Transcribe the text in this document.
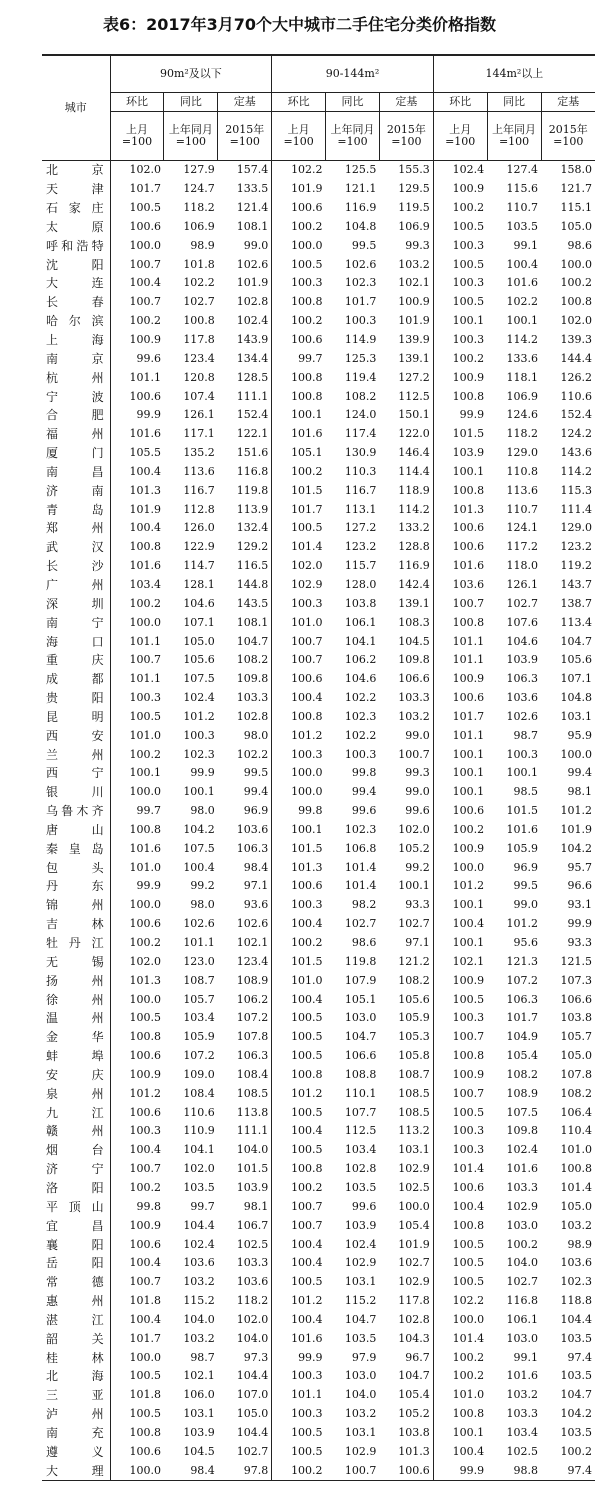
表6：2017年3月70个大中城市二手住宅分类价格指数
城市	90m²及以下			90-144m²			144m²以上		
	环比	同比	定基	环比	同比	定基	环比	同比	定基
	上月
=100	上年同月
=100	2015年
=100	上月
=100	上年同月
=100	2015年
=100	上月
=100	上年同月
=100	2015年
=100
北京	102.0	127.9	157.4	102.2	125.5	155.3	102.4	127.4	158.0
天津	101.7	124.7	133.5	101.9	121.1	129.5	100.9	115.6	121.7
石家庄	100.5	118.2	121.4	100.6	116.9	119.5	100.2	110.7	115.1
太原	100.6	106.9	108.1	100.2	104.8	106.9	100.5	103.5	105.0
呼和浩特	100.0	98.9	99.0	100.0	99.5	99.3	100.3	99.1	98.6
沈阳	100.7	101.8	102.6	100.5	102.6	103.2	100.5	100.4	100.0
大连	100.4	102.2	101.9	100.3	102.3	102.1	100.3	101.6	100.2
长春	100.7	102.7	102.8	100.8	101.7	100.9	100.5	102.2	100.8
哈尔滨	100.2	100.8	102.4	100.2	100.3	101.9	100.1	100.1	102.0
上海	100.9	117.8	143.9	100.6	114.9	139.9	100.3	114.2	139.3
南京	99.6	123.4	134.4	99.7	125.3	139.1	100.2	133.6	144.4
杭州	101.1	120.8	128.5	100.8	119.4	127.2	100.9	118.1	126.2
宁波	100.6	107.4	111.1	100.8	108.2	112.5	100.8	106.9	110.6
合肥	99.9	126.1	152.4	100.1	124.0	150.1	99.9	124.6	152.4
福州	101.6	117.1	122.1	101.6	117.4	122.0	101.5	118.2	124.2
厦门	105.5	135.2	151.6	105.1	130.9	146.4	103.9	129.0	143.6
南昌	100.4	113.6	116.8	100.2	110.3	114.4	100.1	110.8	114.2
济南	101.3	116.7	119.8	101.5	116.7	118.9	100.8	113.6	115.3
青岛	101.9	112.8	113.9	101.7	113.1	114.2	101.3	110.7	111.4
郑州	100.4	126.0	132.4	100.5	127.2	133.2	100.6	124.1	129.0
武汉	100.8	122.9	129.2	101.4	123.2	128.8	100.6	117.2	123.2
长沙	101.6	114.7	116.5	102.0	115.7	116.9	101.6	118.0	119.2
广州	103.4	128.1	144.8	102.9	128.0	142.4	103.6	126.1	143.7
深圳	100.2	104.6	143.5	100.3	103.8	139.1	100.7	102.7	138.7
南宁	100.0	107.1	108.1	101.0	106.1	108.3	100.8	107.6	113.4
海口	101.1	105.0	104.7	100.7	104.1	104.5	101.1	104.6	104.7
重庆	100.7	105.6	108.2	100.7	106.2	109.8	101.1	103.9	105.6
成都	101.1	107.5	109.8	100.6	104.6	106.6	100.9	106.3	107.1
贵阳	100.3	102.4	103.3	100.4	102.2	103.3	100.6	103.6	104.8
昆明	100.5	101.2	102.8	100.8	102.3	103.2	101.7	102.6	103.1
西安	101.0	100.3	98.0	101.2	102.2	99.0	101.1	98.7	95.9
兰州	100.2	102.3	102.2	100.3	100.3	100.7	100.1	100.3	100.0
西宁	100.1	99.9	99.5	100.0	99.8	99.3	100.1	100.1	99.4
银川	100.0	100.1	99.4	100.0	99.4	99.0	100.1	98.5	98.1
乌鲁木齐	99.7	98.0	96.9	99.8	99.6	99.6	100.6	101.5	101.2
唐山	100.8	104.2	103.6	100.1	102.3	102.0	100.2	101.6	101.9
秦皇岛	101.6	107.5	106.3	101.5	106.8	105.2	100.9	105.9	104.2
包头	101.0	100.4	98.4	101.3	101.4	99.2	100.0	96.9	95.7
丹东	99.9	99.2	97.1	100.6	101.4	100.1	101.2	99.5	96.6
锦州	100.0	98.0	93.6	100.3	98.2	93.3	100.1	99.0	93.1
吉林	100.6	102.6	102.6	100.4	102.7	102.7	100.4	101.2	99.9
牡丹江	100.2	101.1	102.1	100.2	98.6	97.1	100.1	95.6	93.3
无锡	102.0	123.0	123.4	101.5	119.8	121.2	102.1	121.3	121.5
扬州	101.3	108.7	108.9	101.0	107.9	108.2	100.9	107.2	107.3
徐州	100.0	105.7	106.2	100.4	105.1	105.6	100.5	106.3	106.6
温州	100.5	103.4	107.2	100.5	103.0	105.9	100.3	101.7	103.8
金华	100.8	105.9	107.8	100.5	104.7	105.3	100.7	104.9	105.7
蚌埠	100.6	107.2	106.3	100.5	106.6	105.8	100.8	105.4	105.0
安庆	100.9	109.0	108.4	100.8	108.8	108.7	100.9	108.2	107.8
泉州	101.2	108.4	108.5	101.2	110.1	108.5	100.7	108.9	108.2
九江	100.6	110.6	113.8	100.5	107.7	108.5	100.5	107.5	106.4
赣州	100.3	110.9	111.1	100.4	112.5	113.2	100.3	109.8	110.4
烟台	100.4	104.1	104.0	100.5	103.4	103.1	100.3	102.4	101.0
济宁	100.7	102.0	101.5	100.8	102.8	102.9	101.4	101.6	100.8
洛阳	100.2	103.5	103.9	100.2	103.5	102.5	100.6	103.3	101.4
平顶山	99.8	99.7	98.1	100.7	99.6	100.0	100.4	102.9	105.0
宜昌	100.9	104.4	106.7	100.7	103.9	105.4	100.8	103.0	103.2
襄阳	100.6	102.4	102.5	100.4	102.4	101.9	100.5	100.2	98.9
岳阳	100.4	103.6	103.3	100.4	102.9	102.7	100.5	104.0	103.6
常德	100.7	103.2	103.6	100.5	103.1	102.9	100.5	102.7	102.3
惠州	101.8	115.2	118.2	101.2	115.2	117.8	102.2	116.8	118.8
湛江	100.4	104.0	102.0	100.4	104.7	102.8	100.0	106.1	104.4
韶关	101.7	103.2	104.0	101.6	103.5	104.3	101.4	103.0	103.5
桂林	100.0	98.7	97.3	99.9	97.9	96.7	100.2	99.1	97.4
北海	100.5	102.1	104.4	100.3	103.0	104.7	100.2	101.6	103.5
三亚	101.8	106.0	107.0	101.1	104.0	105.4	101.0	103.2	104.7
泸州	100.5	103.1	105.0	100.3	103.2	105.2	100.8	103.3	104.2
南充	100.8	103.9	104.4	100.5	103.1	103.8	100.1	103.4	103.5
遵义	100.6	104.5	102.7	100.5	102.9	101.3	100.4	102.5	100.2
大理	100.0	98.4	97.8	100.2	100.7	100.6	99.9	98.8	97.4
